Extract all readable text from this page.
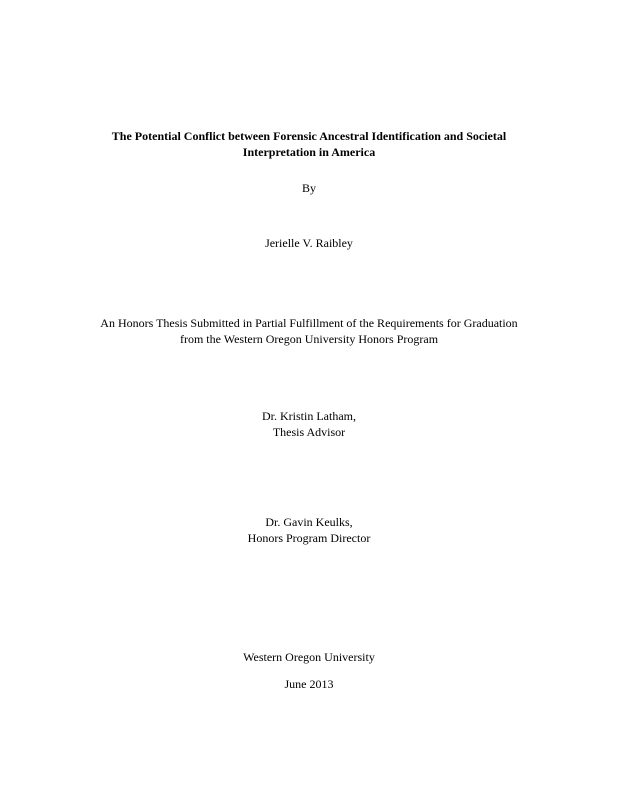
The Potential Conflict between Forensic Ancestral Identification and Societal
Interpretation in America
By
Jerielle V. Raibley
An Honors Thesis Submitted in Partial Fulfillment of the Requirements for Graduation
from the Western Oregon University Honors Program
Dr. Kristin Latham,
Thesis Advisor
Dr. Gavin Keulks,
Honors Program Director
Western Oregon University
June 2013
